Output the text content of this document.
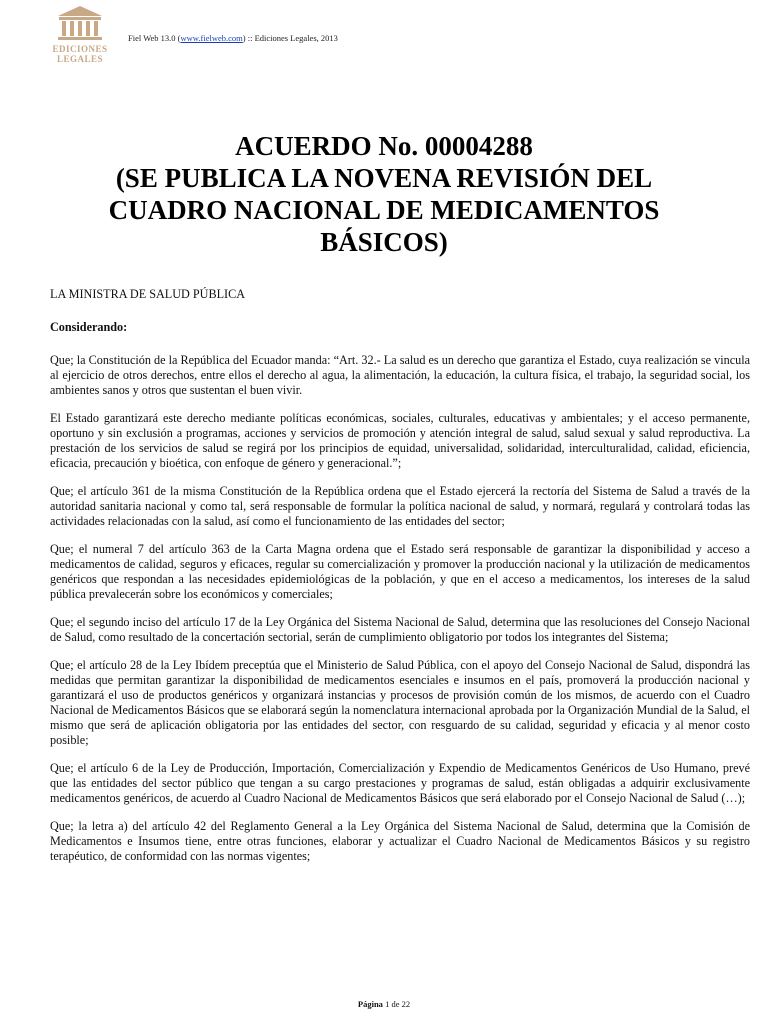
EDICIONES
LEGALES
Fiel Web 13.0 (www.fielweb.com) :: Ediciones Legales, 2013
ACUERDO No. 00004288
(SE PUBLICA LA NOVENA REVISIÓN DEL
CUADRO NACIONAL DE MEDICAMENTOS
BÁSICOS)

LA MINISTRA DE SALUD PÚBLICA

Considerando:

Que; la Constitución de la República del Ecuador manda: “Art. 32.- La salud es un derecho que garantiza el Estado, cuya realización se vincula al ejercicio de otros derechos, entre ellos el derecho al agua, la alimentación, la educación, la cultura física, el trabajo, la seguridad social, los ambientes sanos y otros que sustentan el buen vivir.

El Estado garantizará este derecho mediante políticas económicas, sociales, culturales, educativas y ambientales; y el acceso permanente, oportuno y sin exclusión a programas, acciones y servicios de promoción y atención integral de salud, salud sexual y salud reproductiva. La prestación de los servicios de salud se regirá por los principios de equidad, universalidad, solidaridad, interculturalidad, calidad, eficiencia, eficacia, precaución y bioética, con enfoque de género y generacional.”;

Que; el artículo 361 de la misma Constitución de la República ordena que el Estado ejercerá la rectoría del Sistema de Salud a través de la autoridad sanitaria nacional y como tal, será responsable de formular la política nacional de salud, y normará, regulará y controlará todas las actividades relacionadas con la salud, así como el funcionamiento de las entidades del sector;

Que; el numeral 7 del artículo 363 de la Carta Magna ordena que el Estado será responsable de garantizar la disponibilidad y acceso a medicamentos de calidad, seguros y eficaces, regular su comercialización y promover la producción nacional y la utilización de medicamentos genéricos que respondan a las necesidades epidemiológicas de la población, y que en el acceso a medicamentos, los intereses de la salud pública prevalecerán sobre los económicos y comerciales;

Que; el segundo inciso del artículo 17 de la Ley Orgánica del Sistema Nacional de Salud, determina que las resoluciones del Consejo Nacional de Salud, como resultado de la concertación sectorial, serán de cumplimiento obligatorio por todos los integrantes del Sistema;

Que; el artículo 28 de la Ley Ibídem preceptúa que el Ministerio de Salud Pública, con el apoyo del Consejo Nacional de Salud, dispondrá las medidas que permitan garantizar la disponibilidad de medicamentos esenciales e insumos en el país, promoverá la producción nacional y garantizará el uso de productos genéricos y organizará instancias y procesos de provisión común de los mismos, de acuerdo con el Cuadro Nacional de Medicamentos Básicos que se elaborará según la nomenclatura internacional aprobada por la Organización Mundial de la Salud, el mismo que será de aplicación obligatoria por las entidades del sector, con resguardo de su calidad, seguridad y eficacia y al menor costo posible;

Que; el artículo 6 de la Ley de Producción, Importación, Comercialización y Expendio de Medicamentos Genéricos de Uso Humano, prevé que las entidades del sector público que tengan a su cargo prestaciones y programas de salud, están obligadas a adquirir exclusivamente medicamentos genéricos, de acuerdo al Cuadro Nacional de Medicamentos Básicos que será elaborado por el Consejo Nacional de Salud (…);

Que; la letra a) del artículo 42 del Reglamento General a la Ley Orgánica del Sistema Nacional de Salud, determina que la Comisión de Medicamentos e Insumos tiene, entre otras funciones, elaborar y actualizar el Cuadro Nacional de Medicamentos Básicos y su registro terapéutico, de conformidad con las normas vigentes;

Página 1 de 22
